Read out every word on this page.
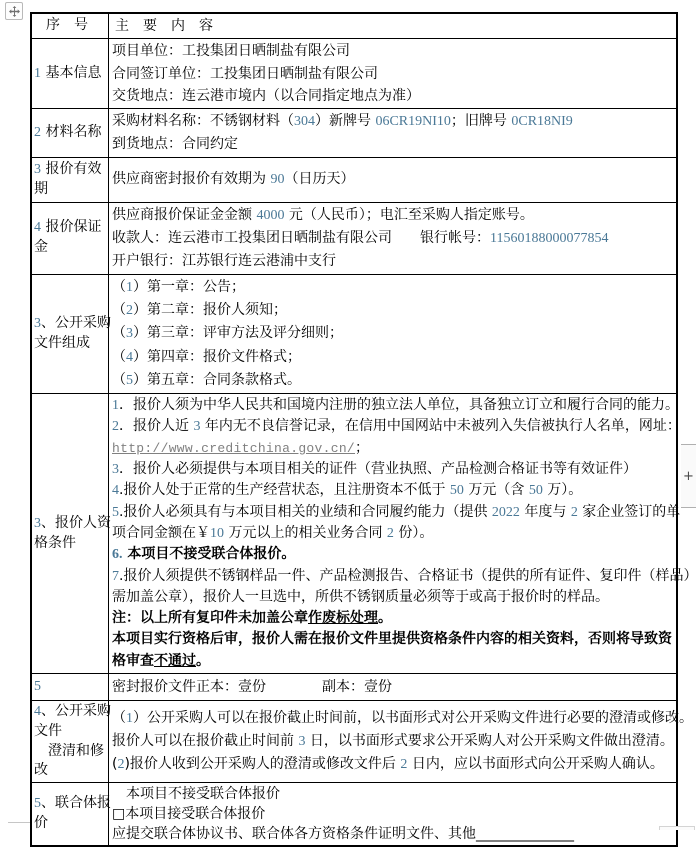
序　号	主　要　内　容
1 基本信息
项目单位：工投集团日晒制盐有限公司
合同签订单位：工投集团日晒制盐有限公司
交货地点：连云港市境内（以合同指定地点为准）
2 材料名称
采购材料名称：不锈钢材料（304）新牌号 06CR19NI10；旧牌号 0CR18NI9
到货地点：合同约定
3 报价有效
期
供应商密封报价有效期为 90（日历天）
4 报价保证
金
供应商报价保证金金额 4000 元（人民币）；电汇至采购人指定账号。
收款人：连云港市工投集团日晒制盐有限公司　　银行帐号：11560188000077854
开户银行：江苏银行连云港浦中支行
3、公开采购
文件组成
（1）第一章：公告；
（2）第二章：报价人须知；
（3）第三章：评审方法及评分细则；
（4）第四章：报价文件格式；
（5）第五章：合同条款格式。
3、报价人资
格条件
1．报价人须为中华人民共和国境内注册的独立法人单位，具备独立订立和履行合同的能力。
2．报价人近 3 年内无不良信誉记录，在信用中国网站中未被列入失信被执行人名单，网址：
http://www.creditchina.gov.cn/；
3．报价人必须提供与本项目相关的证件（营业执照、产品检测合格证书等有效证件）
4.报价人处于正常的生产经营状态，且注册资本不低于 50 万元（含 50 万）。
5.报价人必须具有与本项目相关的业绩和合同履约能力（提供 2022 年度与 2 家企业签订的单
项合同金额在￥10 万元以上的相关业务合同 2 份）。
6. 本项目不接受联合体报价。
7.报价人须提供不锈钢样品一件、产品检测报告、合格证书（提供的所有证件、复印件（样品）
需加盖公章），报价人一旦选中，所供不锈钢质量必须等于或高于报价时的样品。
注：以上所有复印件未加盖公章作废标处理。
本项目实行资格后审，报价人需在报价文件里提供资格条件内容的相关资料，否则将导致资
格审查不通过。
5	密封报价文件正本：壹份　　　　副本：壹份
4、公开采购
文件
　澄清和修
改
（1）公开采购人可以在报价截止时间前，以书面形式对公开采购文件进行必要的澄清或修改。
报价人可以在报价截止时间前 3 日，以书面形式要求公开采购人对公开采购文件做出澄清。
(2)报价人收到公开采购人的澄清或修改文件后 2 日内，应以书面形式向公开采购人确认。
5、联合体报
价
　本项目不接受联合体报价
□本项目接受联合体报价
应提交联合体协议书、联合体各方资格条件证明文件、其他______________
+
